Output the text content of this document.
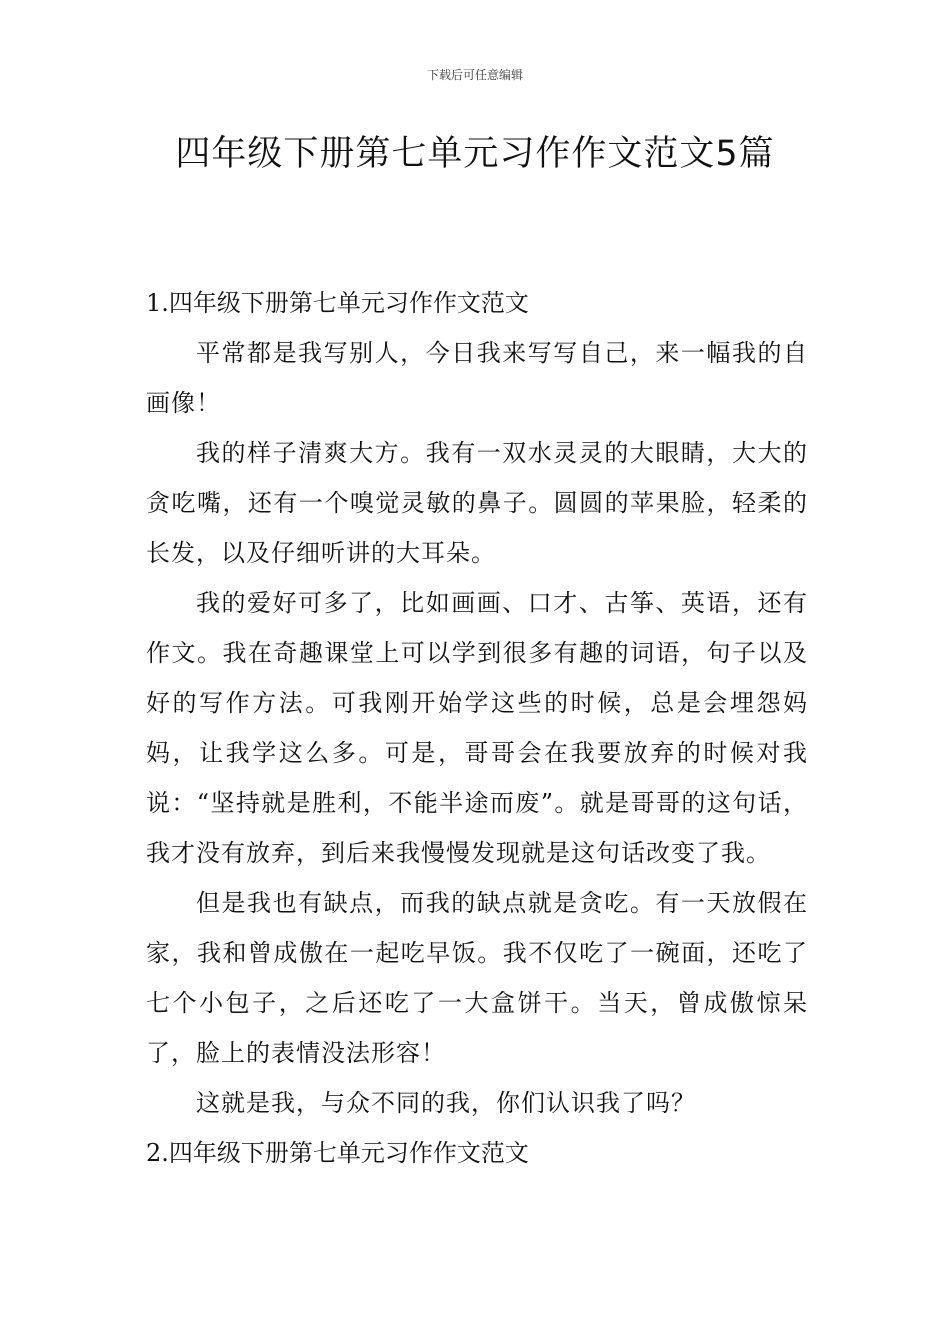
下载后可任意编辑
四年级下册第七单元习作作文范文5篇
1.四年级下册第七单元习作作文范文

平常都是我写别人，今日我来写写自己，来一幅我的自画像！

我的样子清爽大方。我有一双水灵灵的大眼睛，大大的贪吃嘴，还有一个嗅觉灵敏的鼻子。圆圆的苹果脸，轻柔的长发，以及仔细听讲的大耳朵。

我的爱好可多了，比如画画、口才、古筝、英语，还有作文。我在奇趣课堂上可以学到很多有趣的词语，句子以及好的写作方法。可我刚开始学这些的时候，总是会埋怨妈妈，让我学这么多。可是，哥哥会在我要放弃的时候对我说：“坚持就是胜利，不能半途而废”。就是哥哥的这句话，我才没有放弃，到后来我慢慢发现就是这句话改变了我。

但是我也有缺点，而我的缺点就是贪吃。有一天放假在家，我和曾成傲在一起吃早饭。我不仅吃了一碗面，还吃了七个小包子，之后还吃了一大盒饼干。当天，曾成傲惊呆了，脸上的表情没法形容！

这就是我，与众不同的我，你们认识我了吗？

2.四年级下册第七单元习作作文范文
